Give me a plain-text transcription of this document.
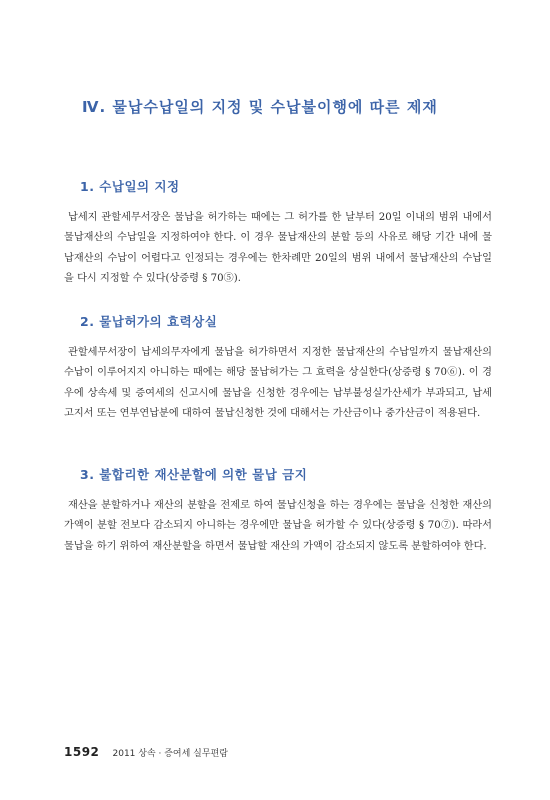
Ⅳ. 물납수납일의 지정 및 수납불이행에 따른 제재
1. 수납일의 지정
납세지 관할세무서장은 물납을 허가하는 때에는 그 허가를 한 날부터 20일 이내의 범위 내에서 물납재산의 수납일을 지정하여야 한다. 이 경우 물납재산의 분할 등의 사유로 해당 기간 내에 물납재산의 수납이 어렵다고 인정되는 경우에는 한차례만 20일의 범위 내에서 물납재산의 수납일을 다시 지정할 수 있다(상증령 § 70⑤).
2. 물납허가의 효력상실
관할세무서장이 납세의무자에게 물납을 허가하면서 지정한 물납재산의 수납일까지 물납재산의 수납이 이루어지지 아니하는 때에는 해당 물납허가는 그 효력을 상실한다(상증령 § 70⑥). 이 경우에 상속세 및 증여세의 신고시에 물납을 신청한 경우에는 납부불성실가산세가 부과되고, 납세고지서 또는 연부연납분에 대하여 물납신청한 것에 대해서는 가산금이나 중가산금이 적용된다.
3. 불합리한 재산분할에 의한 물납 금지
재산을 분할하거나 재산의 분할을 전제로 하여 물납신청을 하는 경우에는 물납을 신청한 재산의 가액이 분할 전보다 감소되지 아니하는 경우에만 물납을 허가할 수 있다(상증령 § 70⑦). 따라서 물납을 하기 위하여 재산분할을 하면서 물납할 재산의 가액이 감소되지 않도록 분할하여야 한다.
1592 2011 상속 · 증여세 실무편람
